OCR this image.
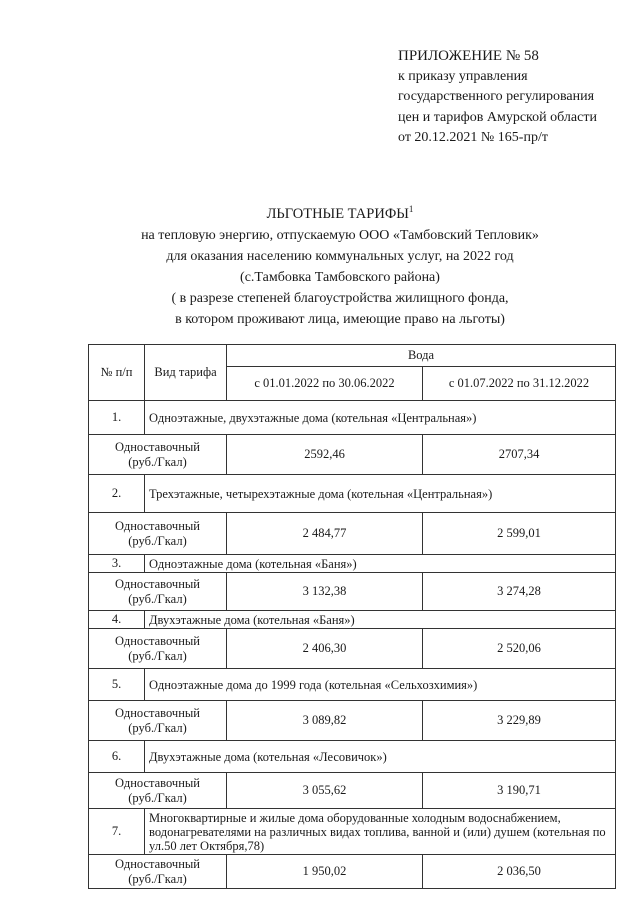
ПРИЛОЖЕНИЕ № 58
к приказу управления
государственного регулирования
цен и тарифов Амурской области
от 20.12.2021 № 165-пр/т
ЛЬГОТНЫЕ ТАРИФЫ$^1$
на тепловую энергию, отпускаемую ООО «Тамбовский Тепловик»
для оказания населению коммунальных услуг, на 2022 год
(с.Тамбовка Тамбовского района)
( в разрезе степеней благоустройства жилищного фонда,
в котором проживают лица, имеющие право на льготы)
№ п/п	Вид тарифа	Вода	
		с 01.01.2022 по 30.06.2022	с 01.07.2022 по 31.12.2022
1.	Одноэтажные, двухэтажные дома (котельная «Центральная»)		

Одноставочный
(руб./Гкал)		2592,46	2707,34
2.	Трехэтажные, четырехэтажные дома (котельная «Центральная»)		

Одноставочный
(руб./Гкал)		2 484,77	2 599,01
3.	Одноэтажные дома (котельная «Баня»)		

Одноставочный
(руб./Гкал)		3 132,38	3 274,28
4.	Двухэтажные дома (котельная «Баня»)		

Одноставочный
(руб./Гкал)		2 406,30	2 520,06
5.	Одноэтажные дома до 1999 года (котельная «Сельхозхимия»)		

Одноставочный
(руб./Гкал)		3 089,82	3 229,89
6.	Двухэтажные дома (котельная «Лесовичок»)		

Одноставочный
(руб./Гкал)		3 055,62	3 190,71
7.	Многоквартирные и жилые дома оборудованные холодным водоснабжением, водонагревателями на различных видах топлива, ванной и (или) душем (котельная по ул.50 лет Октября,78)		

Одноставочный
(руб./Гкал)		1 950,02	2 036,50
